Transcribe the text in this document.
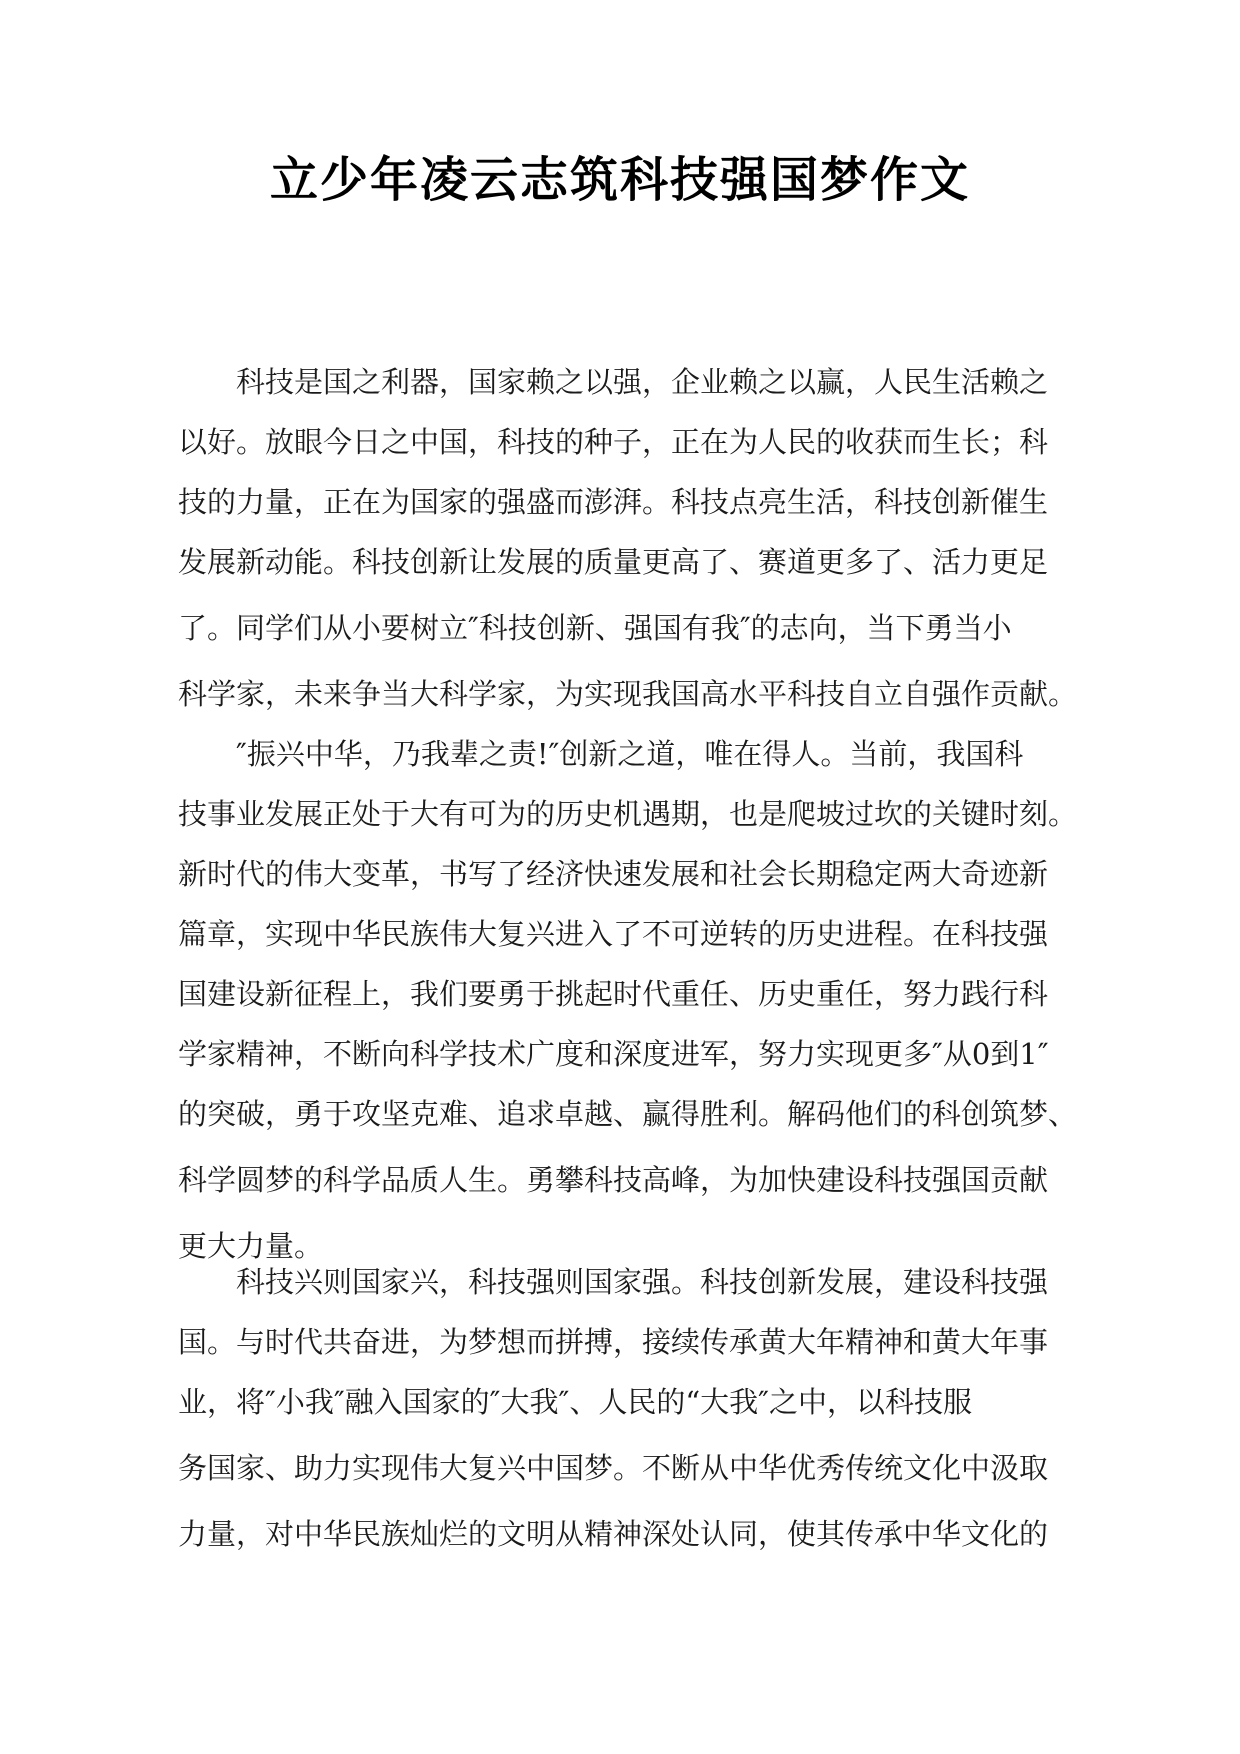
立少年凌云志筑科技强国梦作文

科技是国之利器，国家赖之以强，企业赖之以赢，人民生活赖之
以好。放眼今日之中国，科技的种子，正在为人民的收获而生长；科
技的力量，正在为国家的强盛而澎湃。科技点亮生活，科技创新催生
发展新动能。科技创新让发展的质量更高了、赛道更多了、活力更足
了。同学们从小要树立″科技创新、强国有我″的志向，当下勇当小
科学家，未来争当大科学家，为实现我国高水平科技自立自强作贡献。

″振兴中华，乃我辈之责!″创新之道，唯在得人。当前，我国科
技事业发展正处于大有可为的历史机遇期，也是爬坡过坎的关键时刻。
新时代的伟大变革，书写了经济快速发展和社会长期稳定两大奇迹新
篇章，实现中华民族伟大复兴进入了不可逆转的历史进程。在科技强
国建设新征程上，我们要勇于挑起时代重任、历史重任，努力践行科
学家精神，不断向科学技术广度和深度进军，努力实现更多″从0到1″
的突破，勇于攻坚克难、追求卓越、赢得胜利。解码他们的科创筑梦、
科学圆梦的科学品质人生。勇攀科技高峰，为加快建设科技强国贡献
更大力量。

科技兴则国家兴，科技强则国家强。科技创新发展，建设科技强
国。与时代共奋进，为梦想而拼搏，接续传承黄大年精神和黄大年事
业，将″小我″融入国家的″大我″、人民的“大我″之中，以科技服
务国家、助力实现伟大复兴中国梦。不断从中华优秀传统文化中汲取
力量，对中华民族灿烂的文明从精神深处认同，使其传承中华文化的
